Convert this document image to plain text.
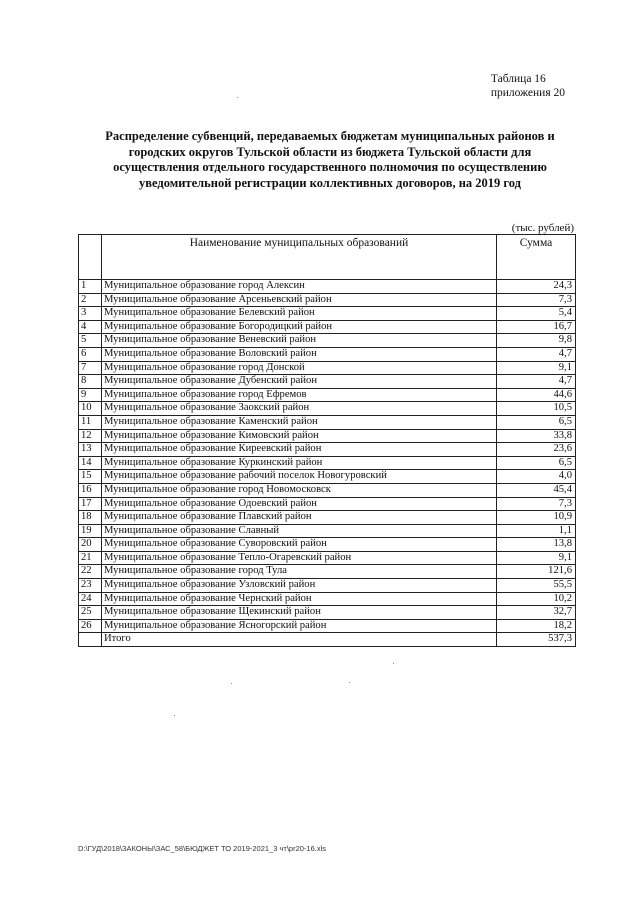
Таблица 16
приложения 20
Распределение субвенций, передаваемых бюджетам муниципальных районов и городских округов Тульской области из бюджета Тульской области для осуществления отдельного государственного полномочия по осуществлению уведомительной регистрации коллективных договоров, на 2019 год
(тыс. рублей)
	Наименование муниципальных образований	Сумма
1	Муниципальное образование город Алексин	24,3
2	Муниципальное образование Арсеньевский район	7,3
3	Муниципальное образование Белевский район	5,4
4	Муниципальное образование Богородицкий район	16,7
5	Муниципальное образование Веневский район	9,8
6	Муниципальное образование Воловский район	4,7
7	Муниципальное образование город Донской	9,1
8	Муниципальное образование Дубенский район	4,7
9	Муниципальное образование город Ефремов	44,6
10	Муниципальное образование Заокский район	10,5
11	Муниципальное образование Каменский район	6,5
12	Муниципальное образование Кимовский район	33,8
13	Муниципальное образование Киреевский район	23,6
14	Муниципальное образование Куркинский район	6,5
15	Муниципальное образование рабочий поселок Новогуровский	4,0
16	Муниципальное образование город Новомосковск	45,4
17	Муниципальное образование Одоевский район	7,3
18	Муниципальное образование Плавский район	10,9
19	Муниципальное образование Славный	1,1
20	Муниципальное образование Суворовский район	13,8
21	Муниципальное образование Тепло-Огаревский район	9,1
22	Муниципальное образование город Тула	121,6
23	Муниципальное образование Узловский район	55,5
24	Муниципальное образование Чернский район	10,2
25	Муниципальное образование Щекинский район	32,7
26	Муниципальное образование Ясногорский район	18,2
	Итого	537,3
D:\ГУД\2018\ЗАКОНЫ\ЗАС_58\БЮДЖЕТ ТО 2019-2021_3 чт\pr20-16.xls
